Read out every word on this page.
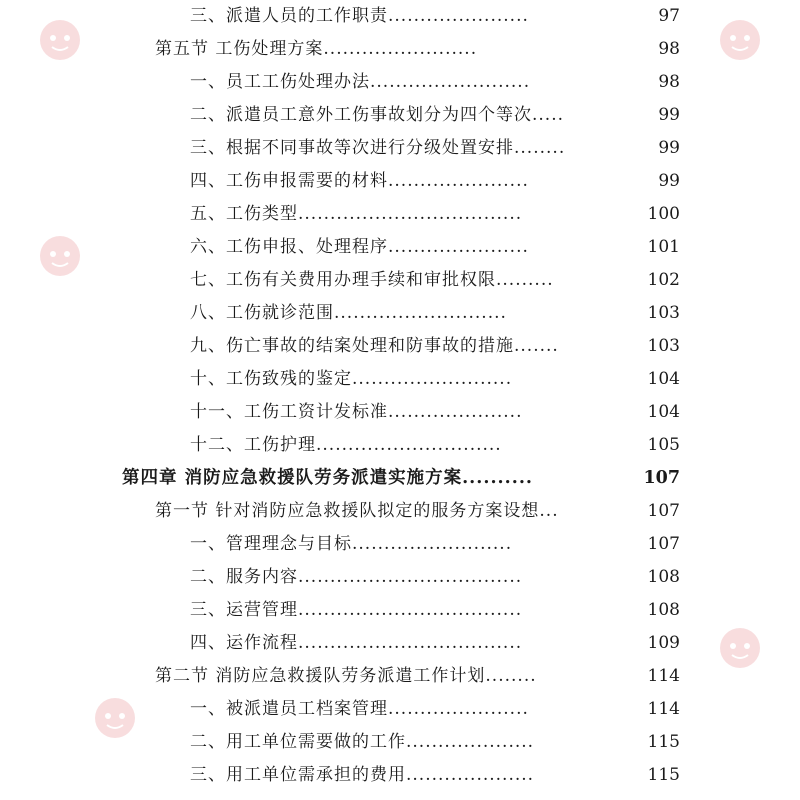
三、派遣人员的工作职责......................	97
第五节 工伤处理方案........................	98
一、员工工伤处理办法.........................	98
二、派遣员工意外工伤事故划分为四个等次.....	99
三、根据不同事故等次进行分级处置安排........	99
四、工伤申报需要的材料......................	99
五、工伤类型...................................	100
六、工伤申报、处理程序......................	101
七、工伤有关费用办理手续和审批权限.........	102
八、工伤就诊范围...........................	103
九、伤亡事故的结案处理和防事故的措施.......	103
十、工伤致残的鉴定.........................	104
十一、工伤工资计发标准.....................	104
十二、工伤护理.............................	105
第四章 消防应急救援队劳务派遣实施方案..........	107
第一节 针对消防应急救援队拟定的服务方案设想...	107
一、管理理念与目标.........................	107
二、服务内容...................................	108
三、运营管理...................................	108
四、运作流程...................................	109
第二节 消防应急救援队劳务派遣工作计划........	114
一、被派遣员工档案管理......................	114
二、用工单位需要做的工作....................	115
三、用工单位需承担的费用....................	115
